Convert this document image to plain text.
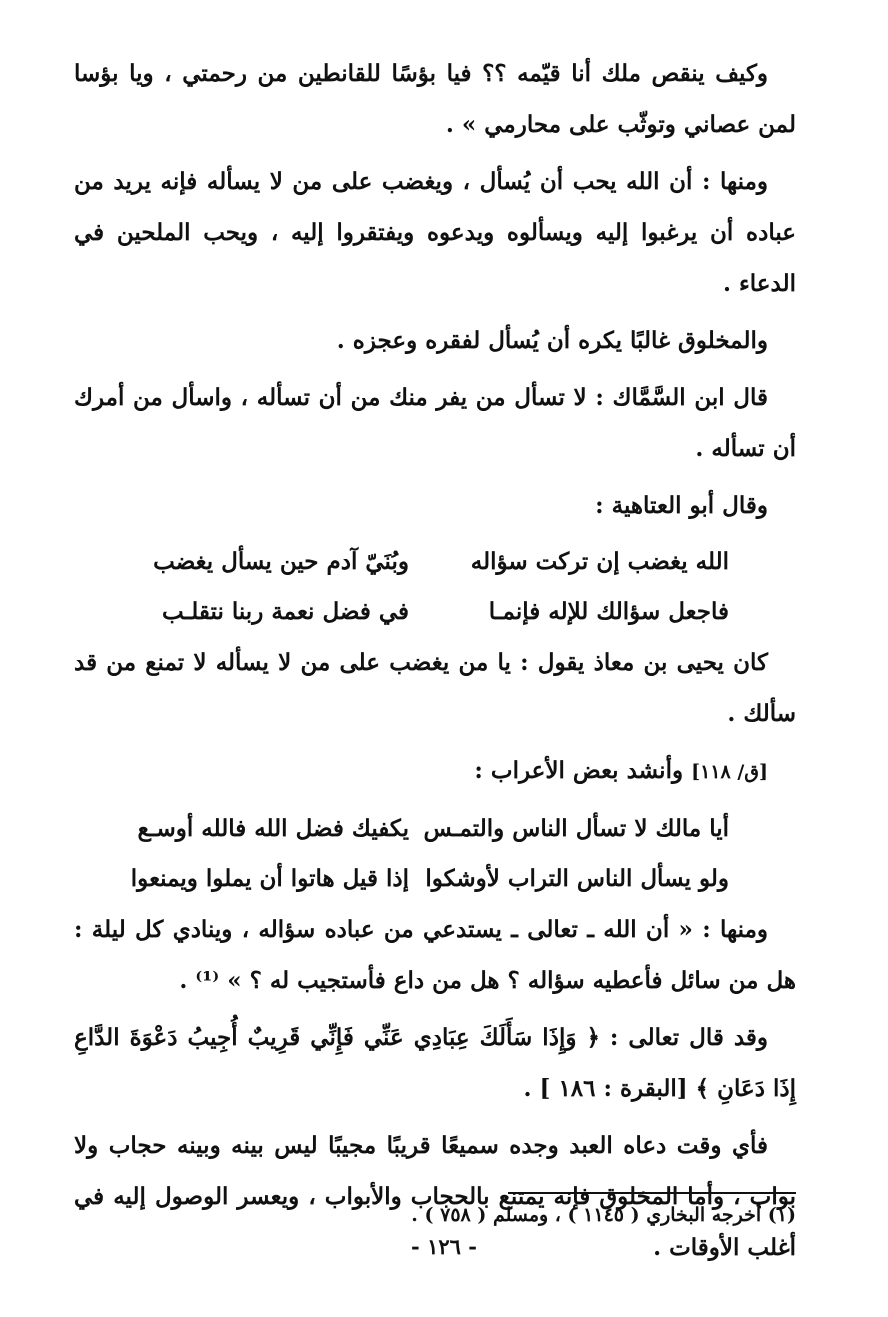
وكيف ينقص ملك أنا قيّمه ؟؟ فيا بؤسًا للقانطين من رحمتي ، ويا بؤسا لمن عصاني وتوثّب على محارمي » .

ومنها : أن الله يحب أن يُسأل ، ويغضب على من لا يسأله فإنه يريد من عباده أن يرغبوا إليه ويسألوه ويدعوه ويفتقروا إليه ، ويحب الملحين في الدعاء .

والمخلوق غالبًا يكره أن يُسأل لفقره وعجزه .

قال ابن السَّمَّاك : لا تسأل من يفر منك من أن تسأله ، واسأل من أمرك أن تسأله .

وقال أبو العتاهية :

الله يغضب إن تركت سؤاله
وبُنَيّ آدم حين يسأل يغضب
فاجعل سؤالك للإله فإنمـا
في فضل نعمة ربنا نتقلـب

كان يحيى بن معاذ يقول : يا من يغضب على من لا يسأله لا تمنع من قد سألك .

[ق/ ١١٨] وأنشد بعض الأعراب :

أيا مالك لا تسأل الناس والتمـس
يكفيك فضل الله فالله أوسـع
ولو يسأل الناس التراب لأوشكوا
إذا قيل هاتوا أن يملوا ويمنعوا

ومنها : « أن الله ـ تعالى ـ يستدعي من عباده سؤاله ، وينادي كل ليلة : هل من سائل فأعطيه سؤاله ؟ هل من داع فأستجيب له ؟ » ⁽¹⁾ .

وقد قال تعالى : ﴿ وَإِذَا سَأَلَكَ عِبَادِي عَنِّي فَإِنِّي قَرِيبٌ أُجِيبُ دَعْوَةَ الدَّاعِ إِذَا دَعَانِ ﴾ [البقرة : ١٨٦ ] .

فأي وقت دعاه العبد وجده سميعًا قريبًا مجيبًا ليس بينه وبينه حجاب ولا بواب ، وأما المخلوق فإنه يمتنع بالحجاب والأبواب ، ويعسر الوصول إليه في أغلب الأوقات .

(١) أخرجه البخاري ( ١١٤٥ ) ، ومسلم ( ٧٥٨ ) .
- ١٢٦ -
